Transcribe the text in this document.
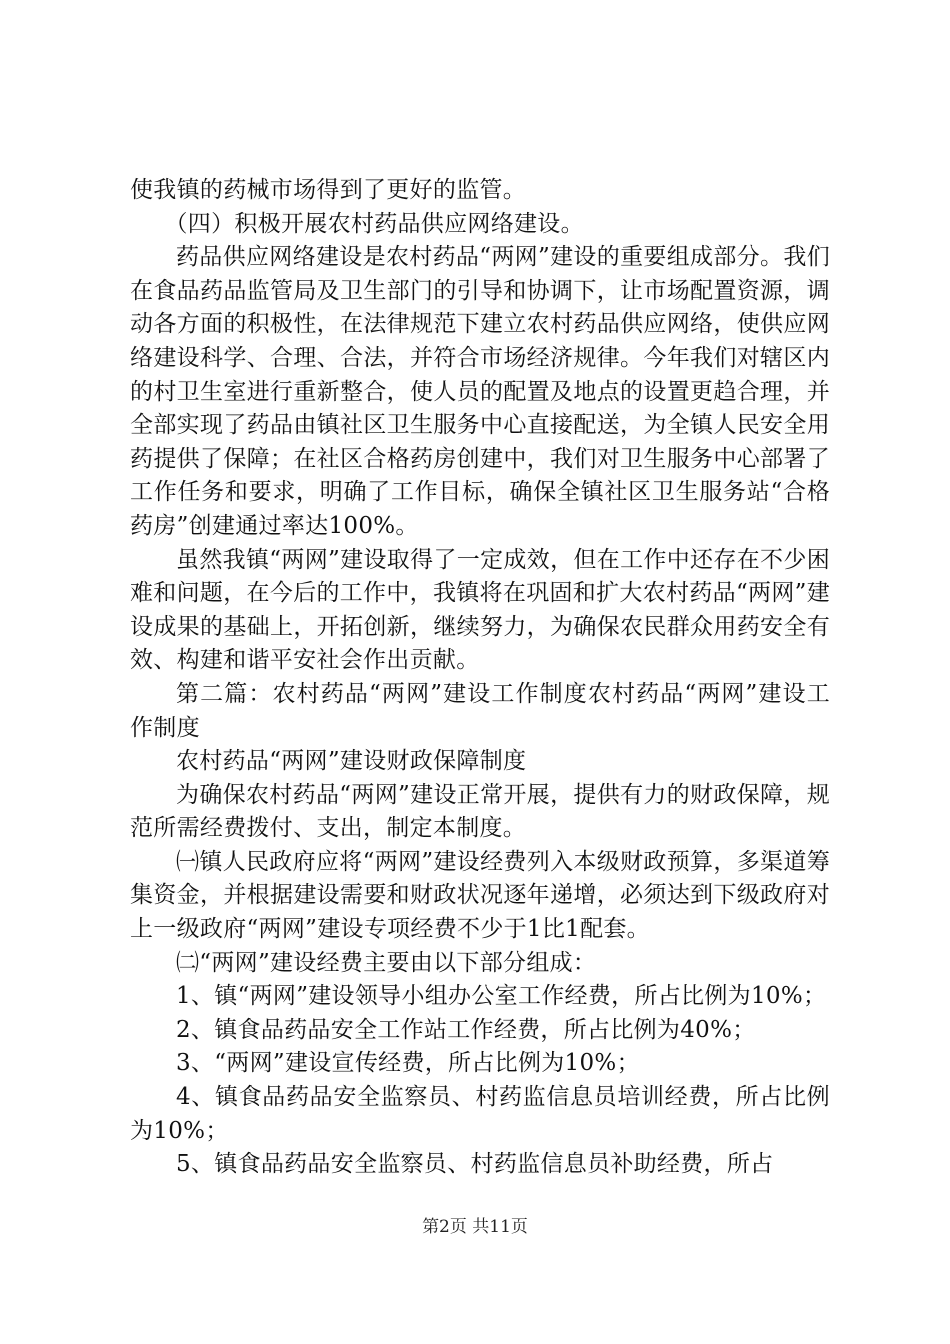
使我镇的药械市场得到了更好的监管。

（四）积极开展农村药品供应网络建设。

药品供应网络建设是农村药品“两网”建设的重要组成部分。我们在食品药品监管局及卫生部门的引导和协调下，让市场配置资源，调动各方面的积极性，在法律规范下建立农村药品供应网络，使供应网络建设科学、合理、合法，并符合市场经济规律。今年我们对辖区内的村卫生室进行重新整合，使人员的配置及地点的设置更趋合理，并全部实现了药品由镇社区卫生服务中心直接配送，为全镇人民安全用药提供了保障；在社区合格药房创建中，我们对卫生服务中心部署了工作任务和要求，明确了工作目标，确保全镇社区卫生服务站“合格药房”创建通过率达100%。

虽然我镇“两网”建设取得了一定成效，但在工作中还存在不少困难和问题，在今后的工作中，我镇将在巩固和扩大农村药品“两网”建设成果的基础上，开拓创新，继续努力，为确保农民群众用药安全有效、构建和谐平安社会作出贡献。

第二篇：农村药品“两网”建设工作制度农村药品“两网”建设工作制度

农村药品“两网”建设财政保障制度

为确保农村药品“两网”建设正常开展，提供有力的财政保障，规范所需经费拨付、支出，制定本制度。

㈠镇人民政府应将“两网”建设经费列入本级财政预算，多渠道筹集资金，并根据建设需要和财政状况逐年递增，必须达到下级政府对上一级政府“两网”建设专项经费不少于1比1配套。

㈡“两网”建设经费主要由以下部分组成：

1、镇“两网”建设领导小组办公室工作经费，所占比例为10%；

2、镇食品药品安全工作站工作经费，所占比例为40%；

3、“两网”建设宣传经费，所占比例为10%；

4、镇食品药品安全监察员、村药监信息员培训经费，所占比例为10%；

5、镇食品药品安全监察员、村药监信息员补助经费，所占

第2页 共11页
